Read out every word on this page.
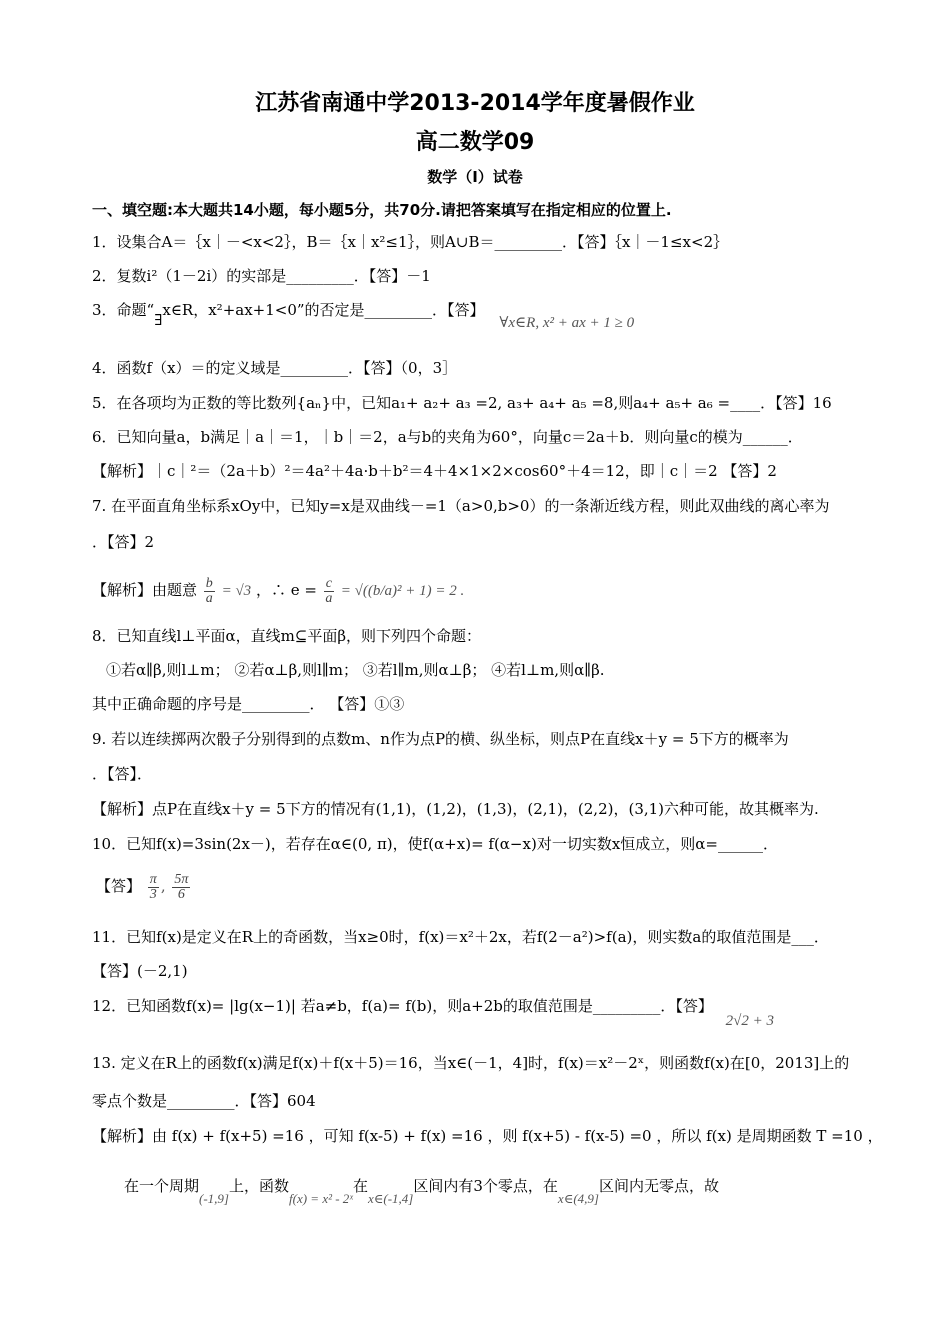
江苏省南通中学2013-2014学年度暑假作业
高二数学09
数学（Ⅰ）试卷
一、填空题:本大题共14小题，每小题5分，共70分.请把答案填写在指定相应的位置上.
1．设集合A＝｛x｜－<x<2｝，B＝｛x｜x²≤1｝，则A∪B＝_________．【答】｛x｜－1≤x<2｝
2．复数i²（1－2i）的实部是_________．【答】－1
3．命题“∃x∈R，x²+ax+1<0”的否定是_________．【答】 ∀x∈R, x² + ax + 1 ≥ 0
4．函数f（x）＝的定义域是_________．【答】（0，3］
5．在各项均为正数的等比数列{aₙ}中，已知a₁+ a₂+ a₃ =2, a₃+ a₄+ a₅ =8,则a₄+ a₅+ a₆ =____．【答】16
6．已知向量a，b满足｜a｜＝1，｜b｜＝2，a与b的夹角为60°，向量c＝2a＋b．则向量c的模为______．
【解析】｜c｜²＝（2a＋b）²＝4a²＋4a·b＋b²＝4＋4×1×2×cos60°＋4＝12，即｜c｜＝2 【答】2
7. 在平面直角坐标系xOy中，已知y=x是双曲线－=1（a>0,b>0）的一条渐近线方程，则此双曲线的离心率为
．【答】2
【解析】由题意 $\frac{b}{a} = √3$ ，∴ $e = \frac{c}{a} = √((b/a)^2 + 1) = 2$ .
8．已知直线l⊥平面α，直线m⊆平面β，则下列四个命题：
①若α∥β,则l⊥m； ②若α⊥β,则l∥m； ③若l∥m,则α⊥β； ④若l⊥m,则α∥β.
其中正确命题的序号是_________． 【答】①③
9. 若以连续掷两次骰子分别得到的点数m、n作为点P的横、纵坐标，则点P在直线x＋y = 5下方的概率为
．【答】．
【解析】点P在直线x＋y = 5下方的情况有(1,1)，(1,2)，(1,3)，(2,1)，(2,2)，(3,1)六种可能，故其概率为.
10．已知f(x)=3sin(2x－)，若存在α∈(0, π)，使f(α+x)= f(α−x)对一切实数x恒成立，则α=______．
【答】 $\frac{\pi}{3}$ , $\frac{5\pi}{6}$
11．已知f(x)是定义在R上的奇函数，当x≥0时，f(x)＝x²＋2x，若f(2－a²)>f(a)，则实数a的取值范围是___．
【答】(－2,1)
12．已知函数f(x)= |lg(x−1)| 若a≠b，f(a)= f(b)，则a+2b的取值范围是_________．【答】 2√2 + 3
13. 定义在R上的函数f(x)满足f(x)＋f(x＋5)＝16，当x∈(－1，4]时，f(x)＝x²－2ˣ，则函数f(x)在[0，2013]上的
零点个数是_________．【答】604
【解析】由 f(x) + f(x+5) =16 ，可知 f(x-5) + f(x) =16 ，则 f(x+5) - f(x-5) =0 ，所以 f(x) 是周期函数 T =10 ，
在一个周期(-1,9]上，函数f(x) = x² - 2ˣ在x∈(-1,4]区间内有3个零点，在x∈(4,9]区间内无零点，故
